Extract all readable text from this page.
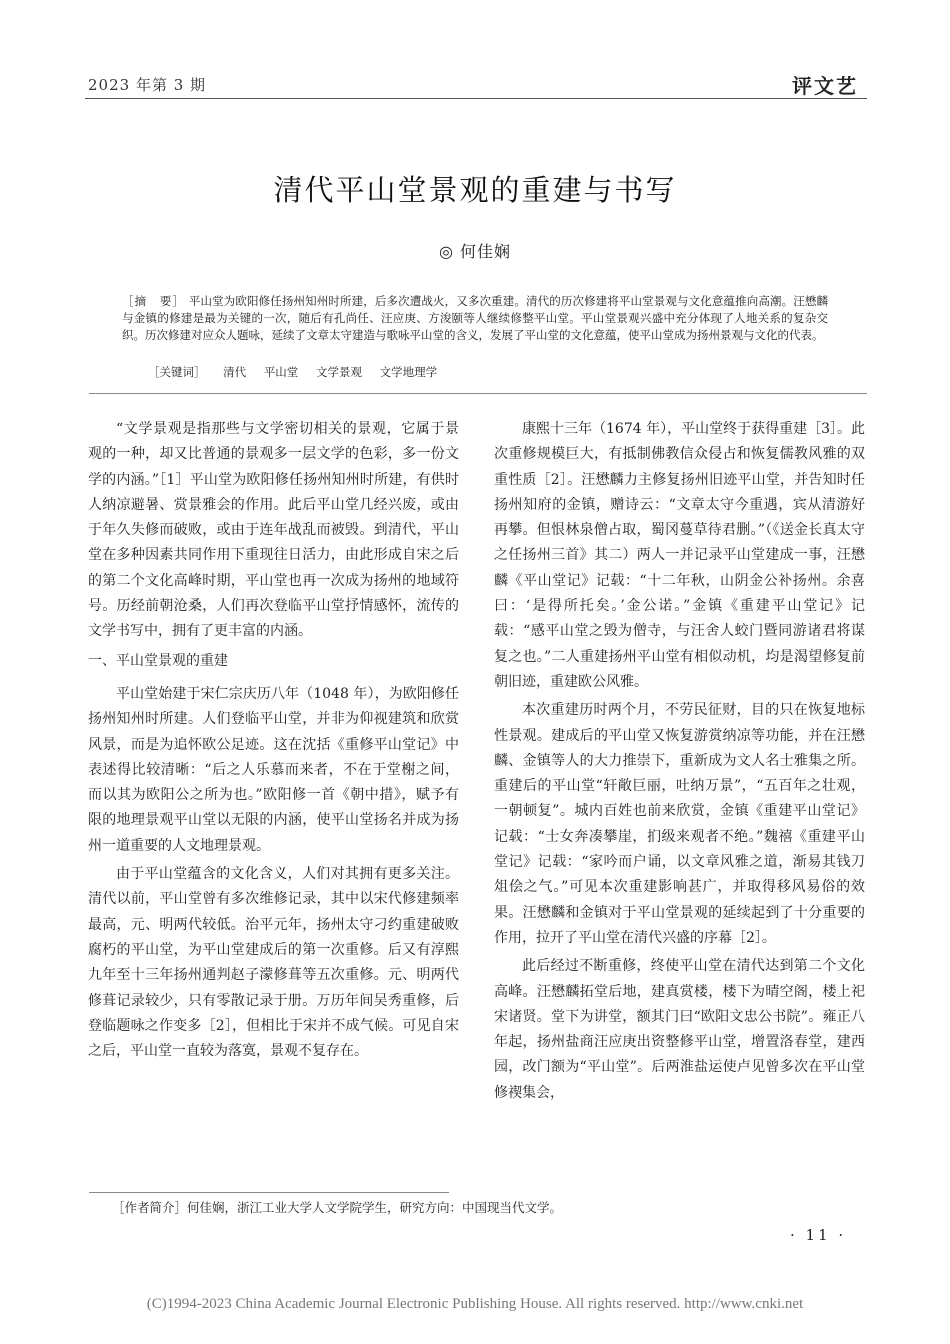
2023 年第 3 期	评文艺
清代平山堂景观的重建与书写
◎ 何佳娴
［摘　要］ 平山堂为欧阳修任扬州知州时所建，后多次遭战火，又多次重建。清代的历次修建将平山堂景观与文化意蕴推向高潮。汪懋麟与金镇的修建是最为关键的一次，随后有孔尚任、汪应庚、方浚颐等人继续修整平山堂。平山堂景观兴盛中充分体现了人地关系的复杂交织。历次修建对应众人题咏，延续了文章太守建造与歌咏平山堂的含义，发展了平山堂的文化意蕴，使平山堂成为扬州景观与文化的代表。
［关键词］ 清代 平山堂 文学景观 文学地理学

“文学景观是指那些与文学密切相关的景观，它属于景观的一种，却又比普通的景观多一层文学的色彩，多一份文学的内涵。”［1］平山堂为欧阳修任扬州知州时所建，有供时人纳凉避暑、赏景雅会的作用。此后平山堂几经兴废，或由于年久失修而破败，或由于连年战乱而被毁。到清代，平山堂在多种因素共同作用下重现往日活力，由此形成自宋之后的第二个文化高峰时期，平山堂也再一次成为扬州的地域符号。历经前朝沧桑，人们再次登临平山堂抒情感怀，流传的文学书写中，拥有了更丰富的内涵。

一、平山堂景观的重建

平山堂始建于宋仁宗庆历八年（1048 年），为欧阳修任扬州知州时所建。人们登临平山堂，并非为仰视建筑和欣赏风景，而是为追怀欧公足迹。这在沈括《重修平山堂记》中表述得比较清晰：“后之人乐慕而来者，不在于堂榭之间，而以其为欧阳公之所为也。”欧阳修一首《朝中措》，赋予有限的地理景观平山堂以无限的内涵，使平山堂扬名并成为扬州一道重要的人文地理景观。

由于平山堂蕴含的文化含义，人们对其拥有更多关注。清代以前，平山堂曾有多次维修记录，其中以宋代修建频率最高，元、明两代较低。治平元年，扬州太守刁约重建破败腐朽的平山堂，为平山堂建成后的第一次重修。后又有淳熙九年至十三年扬州通判赵子濛修葺等五次重修。元、明两代修葺记录较少，只有零散记录于册。万历年间吴秀重修，后登临题咏之作变多［2］，但相比于宋并不成气候。可见自宋之后，平山堂一直较为落寞，景观不复存在。

康熙十三年（1674 年），平山堂终于获得重建［3］。此次重修规模巨大，有抵制佛教信众侵占和恢复儒教风雅的双重性质［2］。汪懋麟力主修复扬州旧迹平山堂，并告知时任扬州知府的金镇，赠诗云：“文章太守今重遇，宾从清游好再攀。但恨林泉僧占取，蜀冈蔓草待君删。”（《送金长真太守之任扬州三首》其二）两人一并记录平山堂建成一事，汪懋麟《平山堂记》记载：“十二年秋，山阴金公补扬州。余喜曰：‘是得所托矣。’金公诺。”金镇《重建平山堂记》记载：“感平山堂之毁为僧寺，与汪舍人蛟门暨同游诸君将谋复之也。”二人重建扬州平山堂有相似动机，均是渴望修复前朝旧迹，重建欧公风雅。

本次重建历时两个月，不劳民征财，目的只在恢复地标性景观。建成后的平山堂又恢复游赏纳凉等功能，并在汪懋麟、金镇等人的大力推崇下，重新成为文人名士雅集之所。重建后的平山堂“轩敞巨丽，吐纳万景”，“五百年之壮观，一朝顿复”。城内百姓也前来欣赏，金镇《重建平山堂记》记载：“士女奔凑攀崖，扪级来观者不绝。”魏禧《重建平山堂记》记载：“家吟而户诵，以文章风雅之道，渐易其钱刀俎侩之气。”可见本次重建影响甚广，并取得移风易俗的效果。汪懋麟和金镇对于平山堂景观的延续起到了十分重要的作用，拉开了平山堂在清代兴盛的序幕［2］。

此后经过不断重修，终使平山堂在清代达到第二个文化高峰。汪懋麟拓堂后地，建真赏楼，楼下为晴空阁，楼上祀宋诸贤。堂下为讲堂，额其门曰“欧阳文忠公书院”。雍正八年起，扬州盐商汪应庚出资整修平山堂，增置洛春堂，建西园，改门额为“平山堂”。后两淮盐运使卢见曾多次在平山堂修禊集会，

［作者简介］何佳娴，浙江工业大学人文学院学生，研究方向：中国现当代文学。
· 11 ·
(C)1994-2023 China Academic Journal Electronic Publishing House. All rights reserved. http://www.cnki.net
